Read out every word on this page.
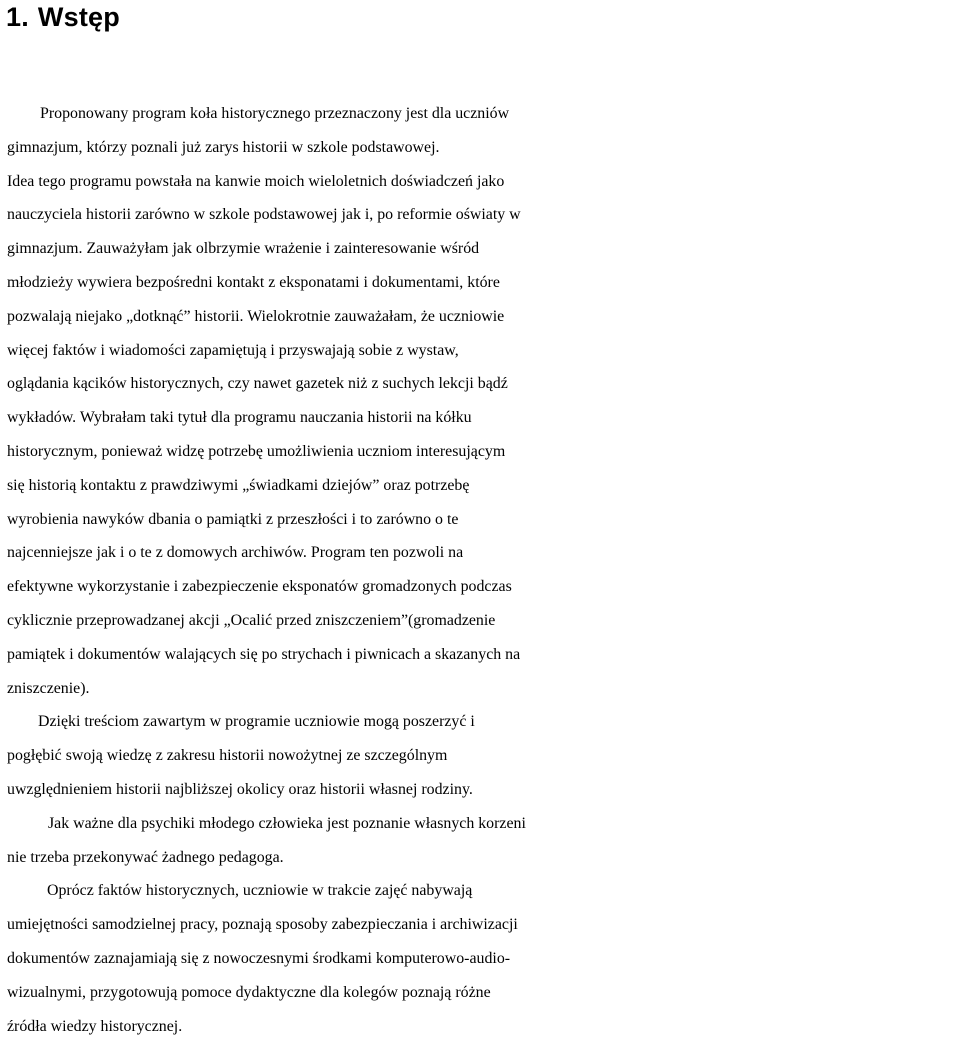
1. Wstęp
Proponowany program koła historycznego przeznaczony jest dla uczniów
gimnazjum, którzy poznali już zarys historii w szkole podstawowej.
Idea tego programu powstała na kanwie moich wieloletnich doświadczeń jako
nauczyciela historii zarówno w szkole podstawowej jak i, po reformie oświaty w
gimnazjum. Zauważyłam jak olbrzymie wrażenie i zainteresowanie wśród
młodzieży wywiera bezpośredni kontakt z eksponatami i dokumentami, które
pozwalają niejako „dotknąć” historii. Wielokrotnie zauważałam, że uczniowie
więcej faktów i wiadomości zapamiętują i przyswajają sobie z wystaw,
oglądania kącików historycznych, czy nawet gazetek niż z suchych lekcji bądź
wykładów. Wybrałam taki tytuł dla programu nauczania historii na kółku
historycznym, ponieważ widzę potrzebę umożliwienia uczniom interesującym
się historią kontaktu z prawdziwymi „świadkami dziejów” oraz potrzebę
wyrobienia nawyków dbania o pamiątki z przeszłości i to zarówno o te
najcenniejsze jak i o te z domowych archiwów. Program ten pozwoli na
efektywne wykorzystanie i zabezpieczenie eksponatów gromadzonych podczas
cyklicznie przeprowadzanej akcji „Ocalić przed zniszczeniem”(gromadzenie
pamiątek i dokumentów walających się po strychach i piwnicach a skazanych na
zniszczenie).
Dzięki treściom zawartym w programie uczniowie mogą poszerzyć i
pogłębić swoją wiedzę z zakresu historii nowożytnej ze szczególnym
uwzględnieniem historii najbliższej okolicy oraz historii własnej rodziny.
Jak ważne dla psychiki młodego człowieka jest poznanie własnych korzeni
nie trzeba przekonywać żadnego pedagoga.
Oprócz faktów historycznych, uczniowie w trakcie zajęć nabywają
umiejętności samodzielnej pracy, poznają sposoby zabezpieczania i archiwizacji
dokumentów zaznajamiają się z nowoczesnymi środkami komputerowo-audio-
wizualnymi, przygotowują pomoce dydaktyczne dla kolegów poznają różne
źródła wiedzy historycznej.
